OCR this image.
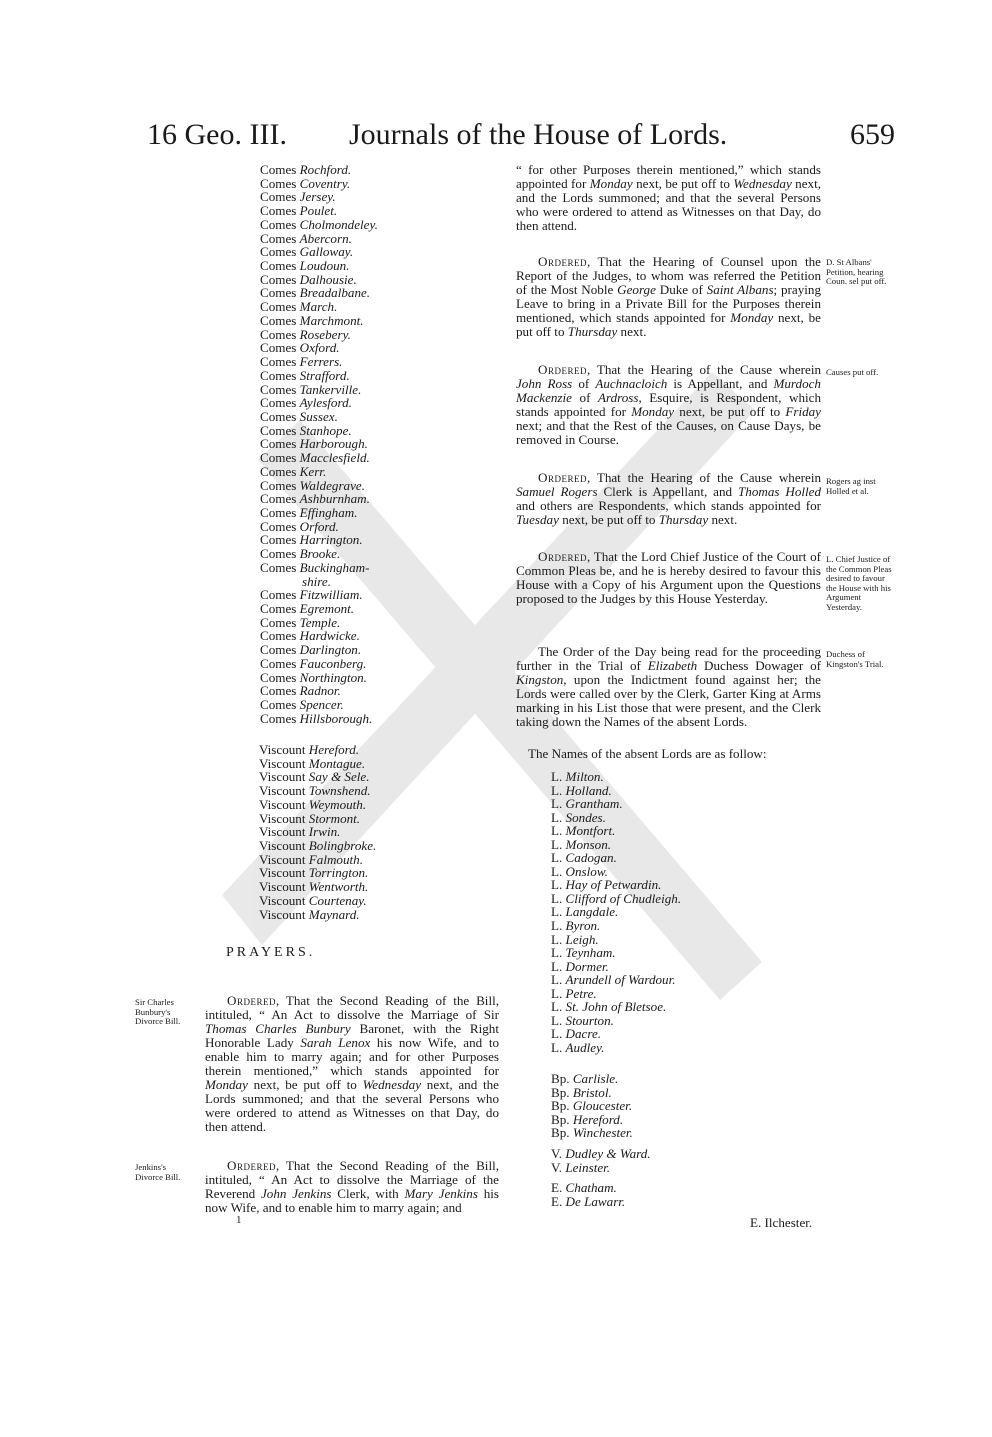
16 Geo. III. Journals of the House of Lords.	659
Comes Rochford.
Comes Coventry.
Comes Jersey.
Comes Poulet.
Comes Cholmondeley.
Comes Abercorn.
Comes Galloway.
Comes Loudoun.
Comes Dalhousie.
Comes Breadalbane.
Comes March.
Comes Marchmont.
Comes Rosebery.
Comes Oxford.
Comes Ferrers.
Comes Strafford.
Comes Tankerville.
Comes Aylesford.
Comes Sussex.
Comes Stanhope.
Comes Harborough.
Comes Macclesfield.
Comes Kerr.
Comes Waldegrave.
Comes Ashburnham.
Comes Effingham.
Comes Orford.
Comes Harrington.
Comes Brooke.
Comes Buckingham-
shire.
Comes Fitzwilliam.
Comes Egremont.
Comes Temple.
Comes Hardwicke.
Comes Darlington.
Comes Fauconberg.
Comes Northington.
Comes Radnor.
Comes Spencer.
Comes Hillsborough.
Viscount Hereford.
Viscount Montague.
Viscount Say & Sele.
Viscount Townshend.
Viscount Weymouth.
Viscount Stormont.
Viscount Irwin.
Viscount Bolingbroke.
Viscount Falmouth.
Viscount Torrington.
Viscount Wentworth.
Viscount Courtenay.
Viscount Maynard.
PRAYERS.
Sir Charles Bunbury's Divorce Bill.

Ordered, That the Second Reading of the Bill, intituled, “ An Act to dissolve the Marriage of Sir Thomas Charles Bunbury Baronet, with the Right Honorable Lady Sarah Lenox his now Wife, and to enable him to marry again; and for other Purposes therein mentioned,” which stands appointed for Monday next, be put off to Wednesday next, and the Lords summoned; and that the several Persons who were ordered to attend as Witnesses on that Day, do then attend.

Jenkins's Divorce Bill.

Ordered, That the Second Reading of the Bill, intituled, “ An Act to dissolve the Marriage of the Reverend John Jenkins Clerk, with Mary Jenkins his now Wife, and to enable him to marry again; and

1

“ for other Purposes therein mentioned,” which stands appointed for Monday next, be put off to Wednesday next, and the Lords summoned; and that the several Persons who were ordered to attend as Witnesses on that Day, do then attend.

Ordered, That the Hearing of Counsel upon the Report of the Judges, to whom was referred the Petition of the Most Noble George Duke of Saint Albans; praying Leave to bring in a Private Bill for the Purposes therein mentioned, which stands appointed for Monday next, be put off to Thursday next.

D. St Albans' Petition, hearing Coun. sel put off.

Ordered, That the Hearing of the Cause wherein John Ross of Auchnacloich is Appellant, and Murdoch Mackenzie of Ardross, Esquire, is Respondent, which stands appointed for Monday next, be put off to Friday next; and that the Rest of the Causes, on Cause Days, be removed in Course.

Causes put off.

Ordered, That the Hearing of the Cause wherein Samuel Rogers Clerk is Appellant, and Thomas Holled and others are Respondents, which stands appointed for Tuesday next, be put off to Thursday next.

Rogers ag inst Holled et al.

Ordered, That the Lord Chief Justice of the Court of Common Pleas be, and he is hereby desired to favour this House with a Copy of his Argument upon the Questions proposed to the Judges by this House Yesterday.

L. Chief Justice of the Common Pleas desired to favour the House with his Argument Yesterday.

The Order of the Day being read for the proceeding further in the Trial of Elizabeth Duchess Dowager of Kingston, upon the Indictment found against her; the Lords were called over by the Clerk, Garter King at Arms marking in his List those that were present, and the Clerk taking down the Names of the absent Lords.

Duchess of Kingston's Trial.
The Names of the absent Lords are as follow:
L. Milton.
L. Holland.
L. Grantham.
L. Sondes.
L. Montfort.
L. Monson.
L. Cadogan.
L. Onslow.
L. Hay of Petwardin.
L. Clifford of Chudleigh.
L. Langdale.
L. Byron.
L. Leigh.
L. Teynham.
L. Dormer.
L. Arundell of Wardour.
L. Petre.
L. St. John of Bletsoe.
L. Stourton.
L. Dacre.
L. Audley.
Bp. Carlisle.
Bp. Bristol.
Bp. Gloucester.
Bp. Hereford.
Bp. Winchester.
V. Dudley & Ward.
V. Leinster.
E. Chatham.
E. De Lawarr.
E. Ilchester.
